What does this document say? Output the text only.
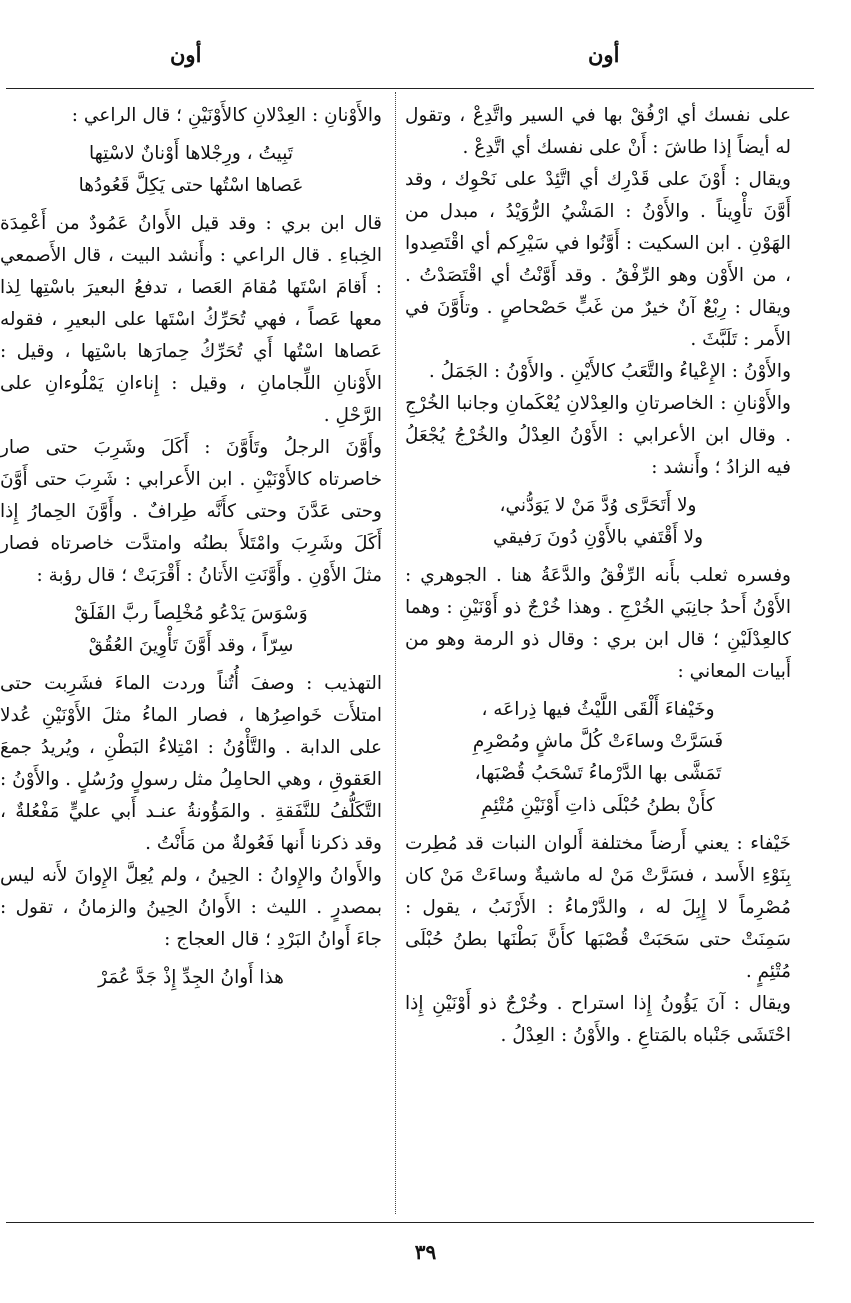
أون
أون

على نفسك أي ارْفُقْ بها في السير واتَّدِعْ ، وتقول له أيضاً إذا طاشَ : أَنْ على نفسك أي اتَّدِعْ .

ويقال : أَوْنَ على قَدْرِك أي اتَّئِدْ على نَحْوِك ، وقد أَوَّنَ تأْوِيناً . والأَوْنُ : المَشْيُ الرُّوَيْدُ ، مبدل من الهَوْنِ . ابن السكيت : أَوَّنُوا في سَيْرِكم أي اقْتَصِدوا ، من الأَوْن وهو الرِّفْقُ . وقد أَوَّنْتُ أي اقْتَصَدْتُ . ويقال : رِبْعٌ آنٌ خيرٌ من غَبٍّ حَصْحاصٍ . وتأَوَّنَ في الأَمر : تَلَبَّثَ .

والأَوْنُ : الإِعْياءُ والتَّعَبُ كالأَيْنِ . والأَوْنُ : الجَمَلُ .

والأَوْنانِ : الخاصرتانِ والعِدْلانِ يُعْكَمانِ وجانبا الخُرْجِ . وقال ابن الأعرابي : الأَوْنُ العِدْلُ والخُرْجُ يُجْعَلُ فيه الزادُ ؛ وأَنشد :

ولا أَتَحَرَّى وُدَّ مَنْ لا يَوَدُّني،
ولا أَقْتَفي بالأَوْنِ دُونَ رَفيقي

وفسره ثعلب بأَنه الرِّفْقُ والدَّعَةُ هنا . الجوهري : الأَوْنُ أَحدُ جانِبَي الخُرْجِ . وهذا خُرْجٌ ذو أَوْنَيْنِ : وهما كالعِدْلَيْنِ ؛ قال ابن بري : وقال ذو الرمة وهو من أَبيات المعاني :

وخَيْفاءَ أَلْقَى اللَّيْثُ فيها ذِراعَه ،
فَسَرَّتْ وساءَتْ كُلَّ ماشٍ ومُصْرِمِ
تَمَشَّى بها الدَّرْماءُ تَسْحَبُ قُصْبَها،
كأَنْ بطنُ حُبْلَى ذاتِ أَوْنَيْنِ مُتْئِمِ

خَيْفاء : يعني أَرضاً مختلفة أَلوان النبات قد مُطِرت بِنَوْءِ الأَسد ، فسَرَّتْ مَنْ له ماشيةٌ وساءَتْ مَنْ كان مُصْرِماً لا إِبِلَ له ، والدَّرْماءُ : الأَرْنَبُ ، يقول : سَمِنَتْ حتى سَحَبَتْ قُصْبَها كأَنَّ بَطْنَها بطنُ حُبْلَى مُتْئِمٍ .

ويقال : آنَ يَؤُونُ إِذا استراح . وخُرْجٌ ذو أَوْنَيْنِ إِذا احْتَشَى جَنْباه بالمَتاعِ . والأَوْنُ : العِدْلُ .

والأَوْنانِ : العِدْلانِ كالأَوْنَيْنِ ؛ قال الراعي :

تَبِيتُ ، ورِجْلاها أَوْنانٌ لاسْتِها
عَصاها اسْتُها حتى يَكِلَّ قَعُودُها

قال ابن بري : وقد قيل الأَوانُ عَمُودٌ من أَعْمِدَة الخِباءِ . قال الراعي : وأَنشد البيت ، قال الأَصمعي : أَقامَ اسْتَها مُقامَ العَصا ، تدفعُ البعيرَ باسْتِها لِذا معها عَصاً ، فهي تُحَرِّكُ اسْتَها على البعيرِ ، فقوله عَصاها اسْتُها أَي تُحَرِّكُ حِمارَها باسْتِها ، وقيل : الأَوْنانِ اللِّجامانِ ، وقيل : إِناءانِ يَمْلُوءانِ على الرَّحْلِ .

وأَوَّنَ الرجلُ وتَأَوَّنَ : أَكَلَ وشَرِبَ حتى صار خاصرتاه كالأَوْنَيْنِ . ابن الأَعرابي : شَرِبَ حتى أَوَّنَ وحتى عَدَّنَ وحتى كأَنَّه طِرافٌ . وأَوَّنَ الحِمارُ إِذا أَكَلَ وشَرِبَ وامْتَلأَ بطنُه وامتدَّت خاصرتاه فصار مثلَ الأَوْنِ . وأَوَّنَتِ الأَتانُ : أَقْرَبَتْ ؛ قال رؤبة :

وَسْوَسَ يَدْعُو مُخْلِصاً ربَّ الفَلَقْ
سِرّاً ، وقد أَوَّنَ تَأْوِينَ العُقُقْ

التهذيب : وصفَ أُتُناً وردت الماءَ فشَرِبت حتى امتلأَت خَواصِرُها ، فصار الماءُ مثلَ الأَوْنَيْنِ عُدلا على الدابة . والتَّأْوُنُ : امْتِلاءُ البَطْنِ ، ويُريدُ جمعَ العَقوقِ ، وهي الحامِلُ مثل رسولٍ ورُسُلٍ . والأَوْنُ : التَّكَلُّفُ للنَّفَقةِ . والمَؤُونةُ عنـد أَبي عليٍّ مَفْعُلةٌ ، وقد ذكرنا أَنها فَعُولةٌ من مَأَنْتُ .

والأَوانُ والإِوانُ : الحِينُ ، ولم يُعِلَّ الإِوانَ لأَنه ليس بمصدرٍ . الليث : الأَوانُ الحِينُ والزمانُ ، تقول : جاءَ أَوانُ البَرْدِ ؛ قال العجاج :

هذا أَوانُ الجِدِّ إِذْ جَدَّ عُمَرْ
٣٩
